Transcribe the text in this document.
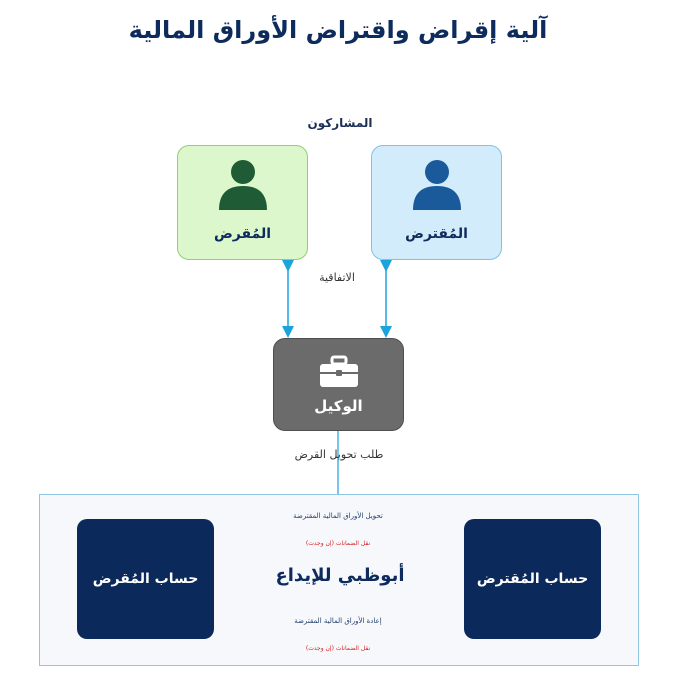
آلية إقراض واقتراض الأوراق المالية
المشاركون
المُقرض	المُقترض
الاتفاقية
الوكيل
طلب تحويل القرض
حساب المُقرض	حساب المُقترض
أبوظبي للإيداع
تحويل الأوراق المالية المقترضة
نقل الضمانات (إن وجدت)
إعادة الأوراق المالية المقترضة
نقل الضمانات (إن وجدت)
